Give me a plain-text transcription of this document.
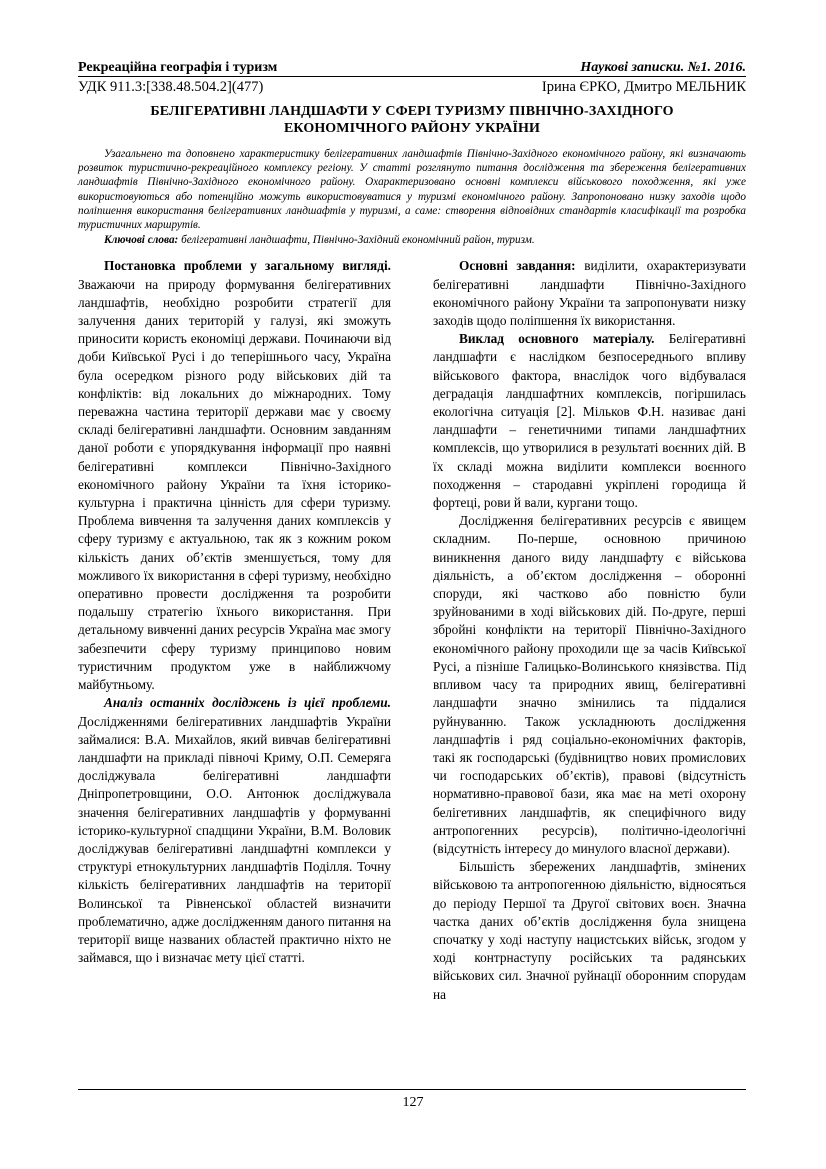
Рекреаційна географія і туризм	Наукові записки. №1. 2016.
УДК 911.3:[338.48.504.2](477)	Ірина ЄРКО, Дмитро МЕЛЬНИК
БЕЛІГЕРАТИВНІ ЛАНДШАФТИ У СФЕРІ ТУРИЗМУ ПІВНІЧНО-ЗАХІДНОГО ЕКОНОМІЧНОГО РАЙОНУ УКРАЇНИ

Узагальнено та доповнено характеристику белігеративних ландшафтів Північно-Західного економічного району, які визначають розвиток туристично-рекреаційного комплексу регіону. У статті розглянуто питання дослідження та збереження белігеративних ландшафтів Північно-Західного економічного району. Охарактеризовано основні комплекси військового походження, які уже використовуються або потенційно можуть використовуватися у туризмі економічного району. Запропоновано низку заходів щодо поліпшення використання белігеративних ландшафтів у туризмі, а саме: створення відповідних стандартів класифікації та розробка туристичних маршрутів.

Ключові слова: белігеративні ландшафти, Північно-Західний економічний район, туризм.

Постановка проблеми у загальному вигляді. Зважаючи на природу формування белігеративних ландшафтів, необхідно розробити стратегії для залучення даних територій у галузі, які зможуть приносити користь економіці держави. Починаючи від доби Київської Русі і до теперішнього часу, Україна була осередком різного роду військових дій та конфліктів: від локальних до міжнародних. Тому переважна частина території держави має у своєму складі белігеративні ландшафти. Основним завданням даної роботи є упорядкування інформації про наявні белігеративні комплекси Північно-Західного економічного району України та їхня історико-культурна і практична цінність для сфери туризму. Проблема вивчення та залучення даних комплексів у сферу туризму є актуальною, так як з кожним роком кількість даних об’єктів зменшується, тому для можливого їх використання в сфері туризму, необхідно оперативно провести дослідження та розробити подальшу стратегію їхнього використання. При детальному вивченні даних ресурсів Україна має змогу забезпечити сферу туризму принципово новим туристичним продуктом уже в найближчому майбутньому.

Аналіз останніх досліджень із цієї проблеми. Дослідженнями белігеративних ландшафтів України займалися: В.А. Михайлов, який вивчав белігеративні ландшафти на прикладі півночі Криму, О.П. Семеряга досліджувала белігеративні ландшафти Дніпропетровщини, О.О. Антонюк досліджувала значення белігеративних ландшафтів у формуванні історико-культурної спадщини України, В.М. Воловик досліджував белігеративні ландшафтні комплекси у структурі етнокультурних ландшафтів Поділля. Точну кількість белігеративних ландшафтів на території Волинської та Рівненської областей визначити проблематично, адже дослідженням даного питання на території вище названих областей практично ніхто не займався, що і визначає мету цієї статті.

Основні завдання: виділити, охарактеризувати белігеративні ландшафти Північно-Західного економічного району України та запропонувати низку заходів щодо поліпшення їх використання.

Виклад основного матеріалу. Белігеративні ландшафти є наслідком безпосереднього впливу військового фактора, внаслідок чого відбувалася деградація ландшафтних комплексів, погіршилась екологічна ситуація [2]. Мільков Ф.Н. називає дані ландшафти – генетичними типами ландшафтних комплексів, що утворилися в результаті воєнних дій. В їх складі можна виділити комплекси воєнного походження – стародавні укріплені городища й фортеці, рови й вали, кургани тощо.

Дослідження белігеративних ресурсів є явищем складним. По-перше, основною причиною виникнення даного виду ландшафту є військова діяльність, а об’єктом дослідження – оборонні споруди, які частково або повністю були зруйнованими в ході військових дій. По-друге, перші збройні конфлікти на території Північно-Західного економічного району проходили ще за часів Київської Русі, а пізніше Галицько-Волинського князівства. Під впливом часу та природних явищ, белігеративні ландшафти значно змінились та піддалися руйнуванню. Також ускладнюють дослідження ландшафтів і ряд соціально-економічних факторів, такі як господарські (будівництво нових промислових чи господарських об’єктів), правові (відсутність нормативно-правової бази, яка має на меті охорону белігетивних ландшафтів, як специфічного виду антропогенних ресурсів), політично-ідеологічні (відсутність інтересу до минулого власної держави).

Більшість збережених ландшафтів, змінених військовою та антропогенною діяльністю, відносяться до періоду Першої та Другої світових воєн. Значна частка даних об’єктів дослідження була знищена спочатку у ході наступу нацистських військ, згодом у ході контрнаступу російських та радянських військових сил. Значної руйнації оборонним спорудам на

127
